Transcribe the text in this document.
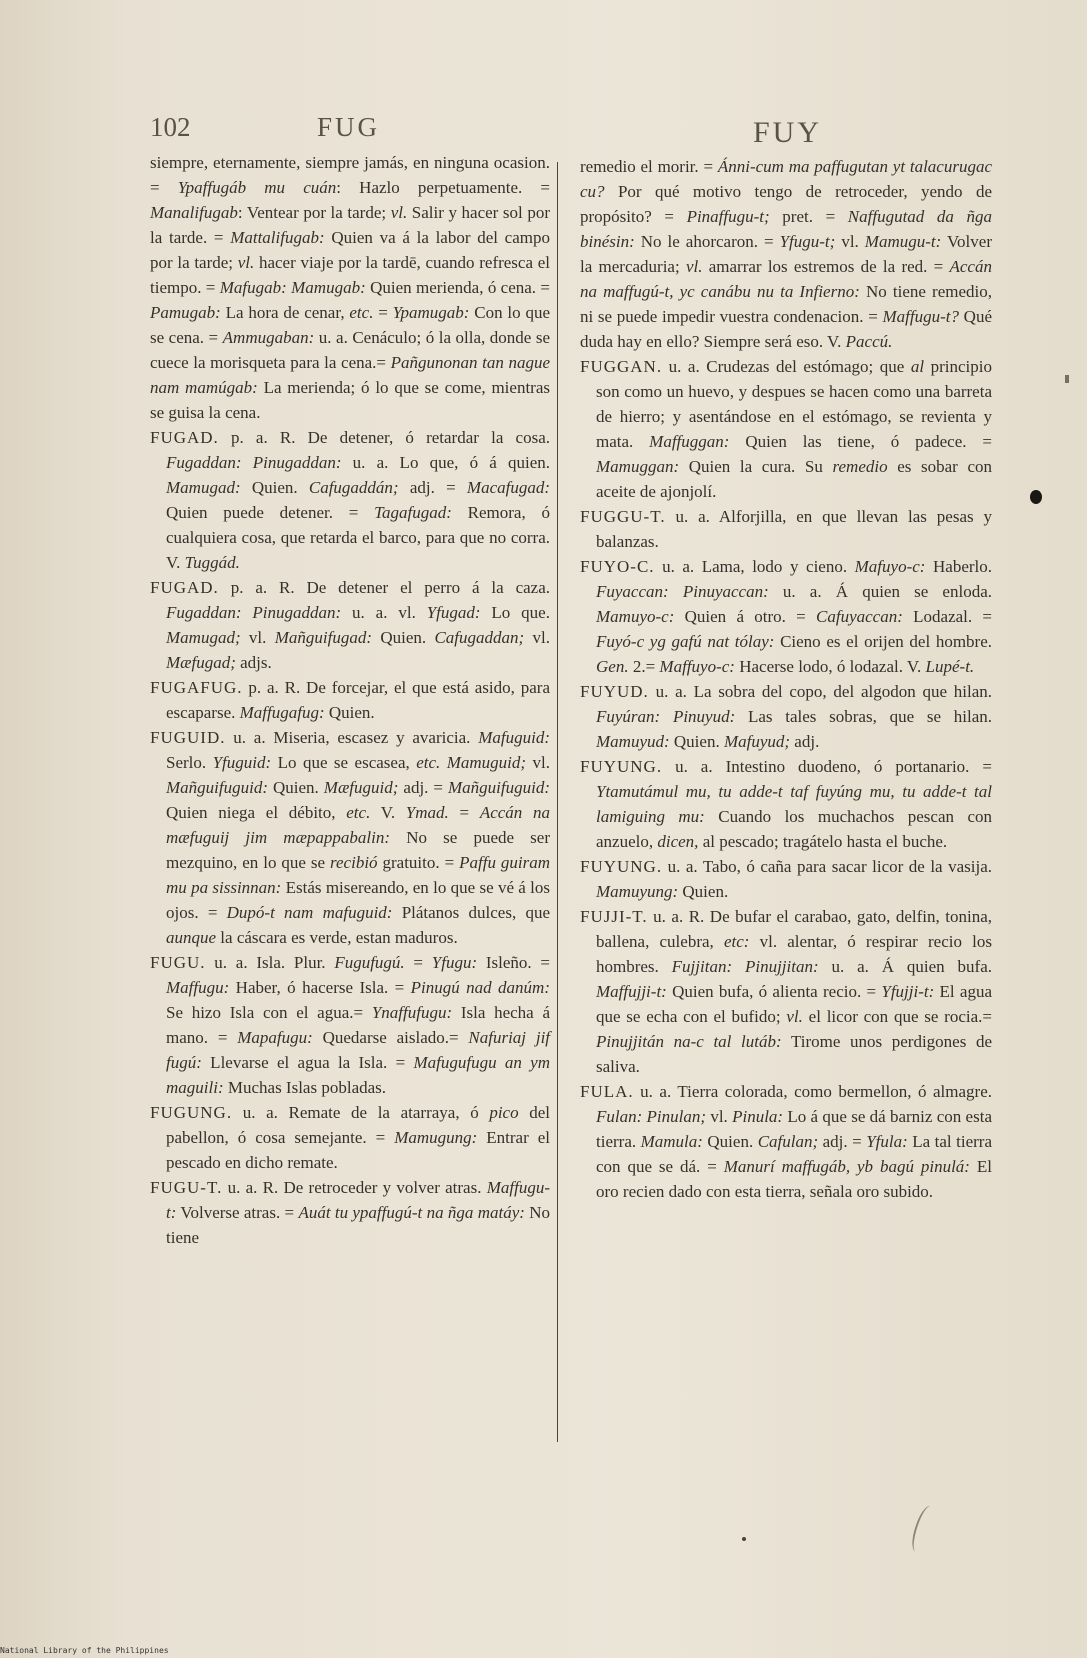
102	FUG	FUY

siempre, eternamente, siempre jamás, en ninguna ocasion. = Ypaffugáb mu cuán: Hazlo perpetuamente. = Manalifugab: Ventear por la tarde; vl. Salir y hacer sol por la tarde. = Mattalifugab: Quien va á la labor del campo por la tarde; vl. hacer viaje por la tardē, cuando refresca el tiempo. = Mafugab: Mamugab: Quien merienda, ó cena. = Pamugab: La hora de cenar, etc. = Ypamugab: Con lo que se cena. = Ammugaban: u. a. Cenáculo; ó la olla, donde se cuece la morisqueta para la cena.= Pañgunonan tan nague nam mamúgab: La merienda; ó lo que se come, mientras se guisa la cena.

FUGAD. p. a. R. De detener, ó retardar la cosa. Fugaddan: Pinugaddan: u. a. Lo que, ó á quien. Mamugad: Quien. Cafugaddán; adj. = Macafugad: Quien puede detener. = Tagafugad: Remora, ó cualquiera cosa, que retarda el barco, para que no corra. V. Tuggád.

FUGAD. p. a. R. De detener el perro á la caza. Fugaddan: Pinugaddan: u. a. vl. Yfugad: Lo que. Mamugad; vl. Mañguifugad: Quien. Cafugaddan; vl. Mæfugad; adjs.

FUGAFUG. p. a. R. De forcejar, el que está asido, para escaparse. Maffugafug: Quien.

FUGUID. u. a. Miseria, escasez y avaricia. Mafuguid: Serlo. Yfuguid: Lo que se escasea, etc. Mamuguid; vl. Mañguifuguid: Quien. Mæfuguid; adj. = Mañguifuguid: Quien niega el débito, etc. V. Ymad. = Accán na mæfuguij jim mæpappabalin: No se puede ser mezquino, en lo que se recibió gratuito. = Paffu guiram mu pa sissinnan: Estás misereando, en lo que se vé á los ojos. = Dupó-t nam mafuguid: Plátanos dulces, que aunque la cáscara es verde, estan maduros.

FUGU. u. a. Isla. Plur. Fugufugú. = Yfugu: Isleño. = Maffugu: Haber, ó hacerse Isla. = Pinugú nad danúm: Se hizo Isla con el agua.= Ynaffufugu: Isla hecha á mano. = Mapafugu: Quedarse aislado.= Nafuriaj jif fugú: Llevarse el agua la Isla. = Mafugufugu an ym maguili: Muchas Islas pobladas.

FUGUNG. u. a. Remate de la atarraya, ó pico del pabellon, ó cosa semejante. = Mamugung: Entrar el pescado en dicho remate.

FUGU-T. u. a. R. De retroceder y volver atras. Maffugu-t: Volverse atras. = Auát tu ypaffugú-t na ñga matáy: No tiene

remedio el morir. = Ánni-cum ma paffugutan yt talacurugac cu? Por qué motivo tengo de retroceder, yendo de propósito? = Pinaffugu-t; pret. = Naffugutad da ñga binésin: No le ahorcaron. = Yfugu-t; vl. Mamugu-t: Volver la mercaduria; vl. amarrar los estremos de la red. = Accán na maffugú-t, yc canábu nu ta Infierno: No tiene remedio, ni se puede impedir vuestra condenacion. = Maffugu-t? Qué duda hay en ello? Siempre será eso. V. Paccú.

FUGGAN. u. a. Crudezas del estómago; que al principio son como un huevo, y despues se hacen como una barreta de hierro; y asentándose en el estómago, se revienta y mata. Maffuggan: Quien las tiene, ó padece. = Mamuggan: Quien la cura. Su remedio es sobar con aceite de ajonjolí.

FUGGU-T. u. a. Alforjilla, en que llevan las pesas y balanzas.

FUYO-C. u. a. Lama, lodo y cieno. Mafuyo-c: Haberlo. Fuyaccan: Pinuyaccan: u. a. Á quien se enloda. Mamuyo-c: Quien á otro. = Cafuyaccan: Lodazal. = Fuyó-c yg gafú nat tólay: Cieno es el orijen del hombre. Gen. 2.= Maffuyo-c: Hacerse lodo, ó lodazal. V. Lupé-t.

FUYUD. u. a. La sobra del copo, del algodon que hilan. Fuyúran: Pinuyud: Las tales sobras, que se hilan. Mamuyud: Quien. Mafuyud; adj.

FUYUNG. u. a. Intestino duodeno, ó portanario. = Ytamutámul mu, tu adde-t taf fuyúng mu, tu adde-t tal lamiguing mu: Cuando los muchachos pescan con anzuelo, dicen, al pescado; tragátelo hasta el buche.

FUYUNG. u. a. Tabo, ó caña para sacar licor de la vasija. Mamuyung: Quien.

FUJJI-T. u. a. R. De bufar el carabao, gato, delfin, tonina, ballena, culebra, etc: vl. alentar, ó respirar recio los hombres. Fujjitan: Pinujjitan: u. a. Á quien bufa. Maffujji-t: Quien bufa, ó alienta recio. = Yfujji-t: El agua que se echa con el bufido; vl. el licor con que se rocia.= Pinujjitán na-c tal lutáb: Tirome unos perdigones de saliva.

FULA. u. a. Tierra colorada, como bermellon, ó almagre. Fulan: Pinulan; vl. Pinula: Lo á que se dá barniz con esta tierra. Mamula: Quien. Cafulan; adj. = Yfula: La tal tierra con que se dá. = Manurí maffugáb, yb bagú pinulá: El oro recien dado con esta tierra, señala oro subido.

National Library of the Philippines
